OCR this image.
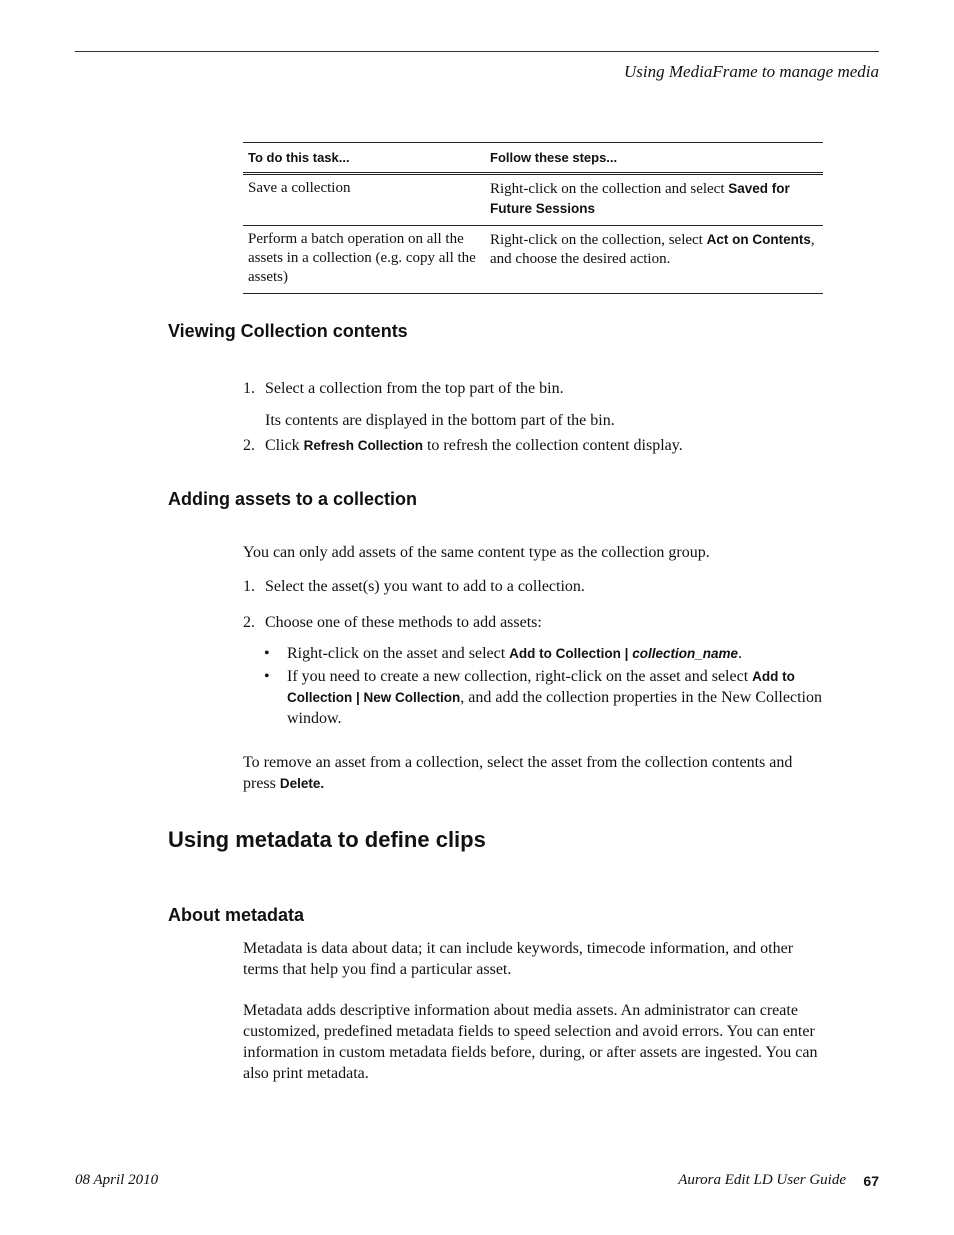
Using MediaFrame to manage media
To do this task...	Follow these steps...
Save a collection	Right-click on the collection and select Saved for Future Sessions
Perform a batch operation on all the assets in a collection (e.g. copy all the assets)	Right-click on the collection, select Act on Contents, and choose the desired action.
Viewing Collection contents
1. Select a collection from the top part of the bin.
Its contents are displayed in the bottom part of the bin.
2. Click Refresh Collection to refresh the collection content display.
Adding assets to a collection

You can only add assets of the same content type as the collection group.

1. Select the asset(s) you want to add to a collection.
2. Choose one of these methods to add assets:
• Right-click on the asset and select Add to Collection | collection_name.
• If you need to create a new collection, right-click on the asset and select Add to Collection | New Collection, and add the collection properties in the New Collection window.

To remove an asset from a collection, select the asset from the collection contents and press Delete.

Using metadata to define clips
About metadata

Metadata is data about data; it can include keywords, timecode information, and other terms that help you find a particular asset.

Metadata adds descriptive information about media assets. An administrator can create customized, predefined metadata fields to speed selection and avoid errors. You can enter information in custom metadata fields before, during, or after assets are ingested. You can also print metadata.

08 April 2010	Aurora Edit LD User Guide 67
